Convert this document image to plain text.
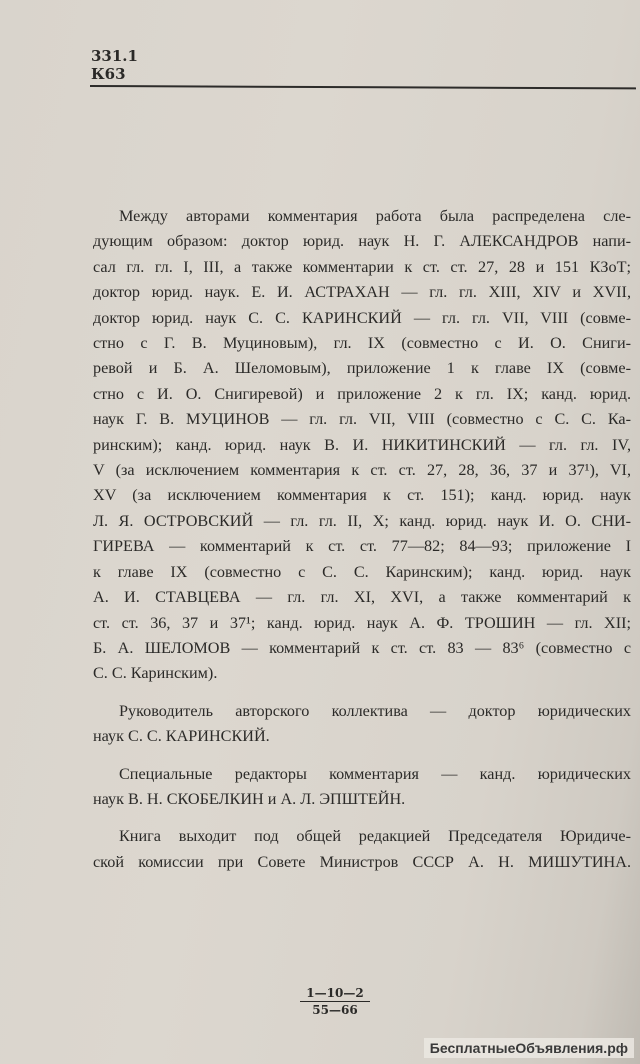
331.1
К63
Между авторами комментария работа была распределена сле-
дующим образом: доктор юрид. наук Н. Г. АЛЕКСАНДРОВ напи-
сал гл. гл. I, III, а также комментарии к ст. ст. 27, 28 и 151 КЗоТ;
доктор юрид. наук. Е. И. АСТРАХАН — гл. гл. XIII, XIV и XVII,
доктор юрид. наук С. С. КАРИНСКИЙ — гл. гл. VII, VIII (совме-
стно с Г. В. Муциновым), гл. IX (совместно с И. О. Сниги-
ревой и Б. А. Шеломовым), приложение 1 к главе IX (совме-
стно с И. О. Снигиревой) и приложение 2 к гл. IX; канд. юрид.
наук Г. В. МУЦИНОВ — гл. гл. VII, VIII (совместно с С. С. Ка-
ринским); канд. юрид. наук В. И. НИКИТИНСКИЙ — гл. гл. IV,
V (за исключением комментария к ст. ст. 27, 28, 36, 37 и 37¹), VI,
XV (за исключением комментария к ст. 151); канд. юрид. наук
Л. Я. ОСТРОВСКИЙ — гл. гл. II, X; канд. юрид. наук И. О. СНИ-
ГИРЕВА — комментарий к ст. ст. 77—82; 84—93; приложение I
к главе IX (совместно с С. С. Каринским); канд. юрид. наук
А. И. СТАВЦЕВА — гл. гл. XI, XVI, а также комментарий к
ст. ст. 36, 37 и 37¹; канд. юрид. наук А. Ф. ТРОШИН — гл. XII;
Б. А. ШЕЛОМОВ — комментарий к ст. ст. 83 — 83⁶ (совместно с
С. С. Каринским).
Руководитель авторского коллектива — доктор юридических
наук С. С. КАРИНСКИЙ.
Специальные редакторы комментария — канд. юридических
наук В. Н. СКОБЕЛКИН и А. Л. ЭПШТЕЙН.
Книга выходит под общей редакцией Председателя Юридиче-
ской комиссии при Совете Министров СССР А. Н. МИШУТИНА.
$\frac{1—10—2}{55—66}$
БесплатныеОбъявления.рф
